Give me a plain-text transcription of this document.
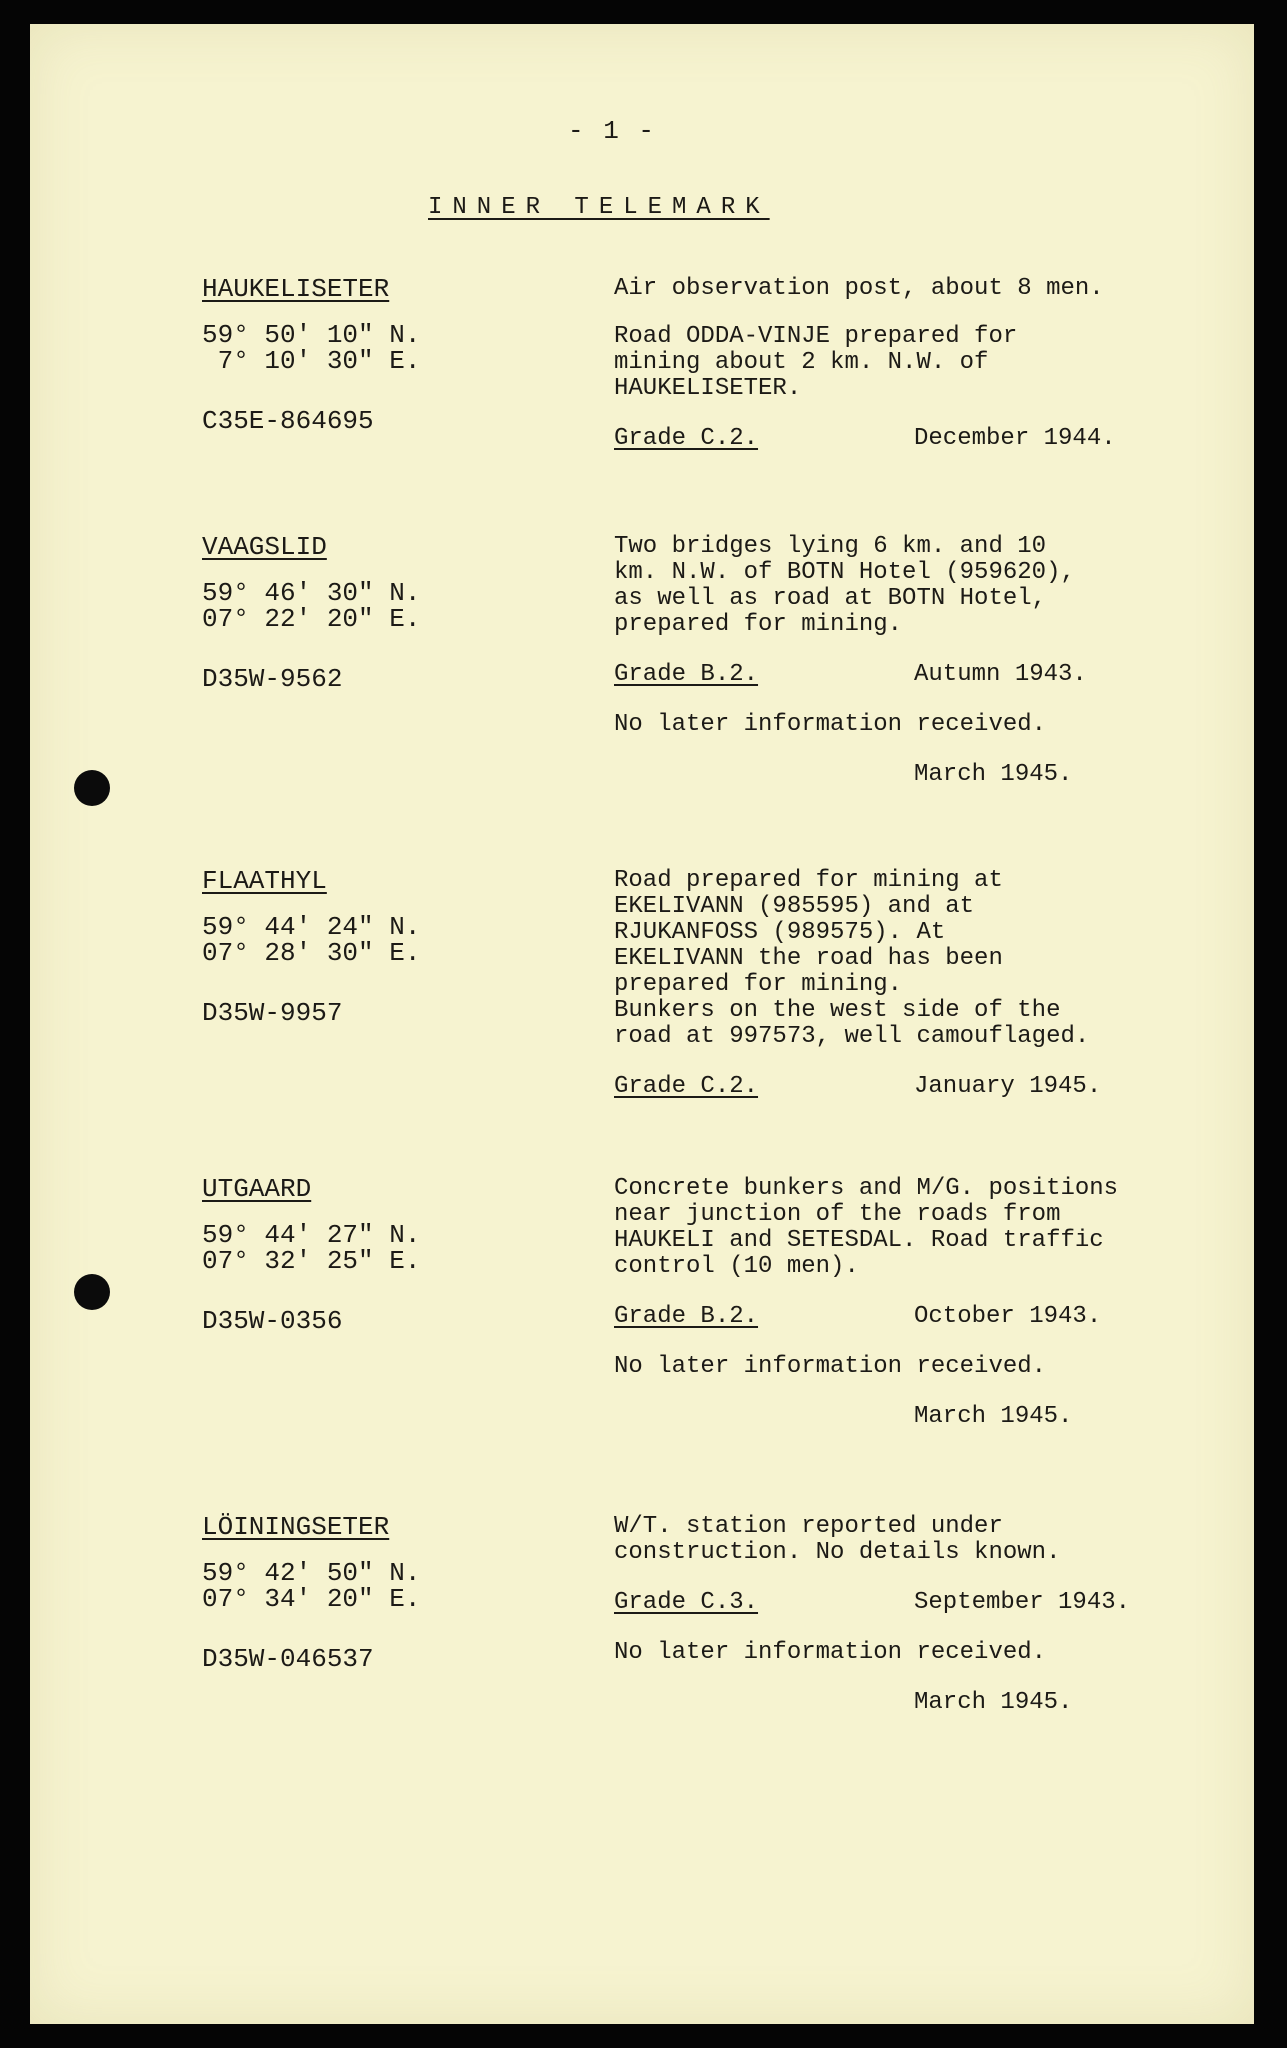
- 1 -
INNER TELEMARK
HAUKELISETER
59° 50' 10" N.
7° 10' 30" E.
C35E-864695
Air observation post, about 8 men.
Road ODDA-VINJE prepared for
mining about 2 km. N.W. of
HAUKELISETER.
Grade C.2.	December 1944.
VAAGSLID
59° 46' 30" N.
07° 22' 20" E.
D35W-9562
Two bridges lying 6 km. and 10
km. N.W. of BOTN Hotel (959620),
as well as road at BOTN Hotel,
prepared for mining.
Grade B.2.	Autumn 1943.
No later information received.
March 1945.
FLAATHYL
59° 44' 24" N.
07° 28' 30" E.
D35W-9957
Road prepared for mining at
EKELIVANN (985595) and at
RJUKANFOSS (989575). At
EKELIVANN the road has been
prepared for mining.
Bunkers on the west side of the
road at 997573, well camouflaged.
Grade C.2.	January 1945.
UTGAARD
59° 44' 27" N.
07° 32' 25" E.
D35W-0356
Concrete bunkers and M/G. positions
near junction of the roads from
HAUKELI and SETESDAL. Road traffic
control (10 men).
Grade B.2.	October 1943.
No later information received.
March 1945.
LÖININGSETER
59° 42' 50" N.
07° 34' 20" E.
D35W-046537
W/T. station reported under
construction. No details known.
Grade C.3.	September 1943.
No later information received.
March 1945.
